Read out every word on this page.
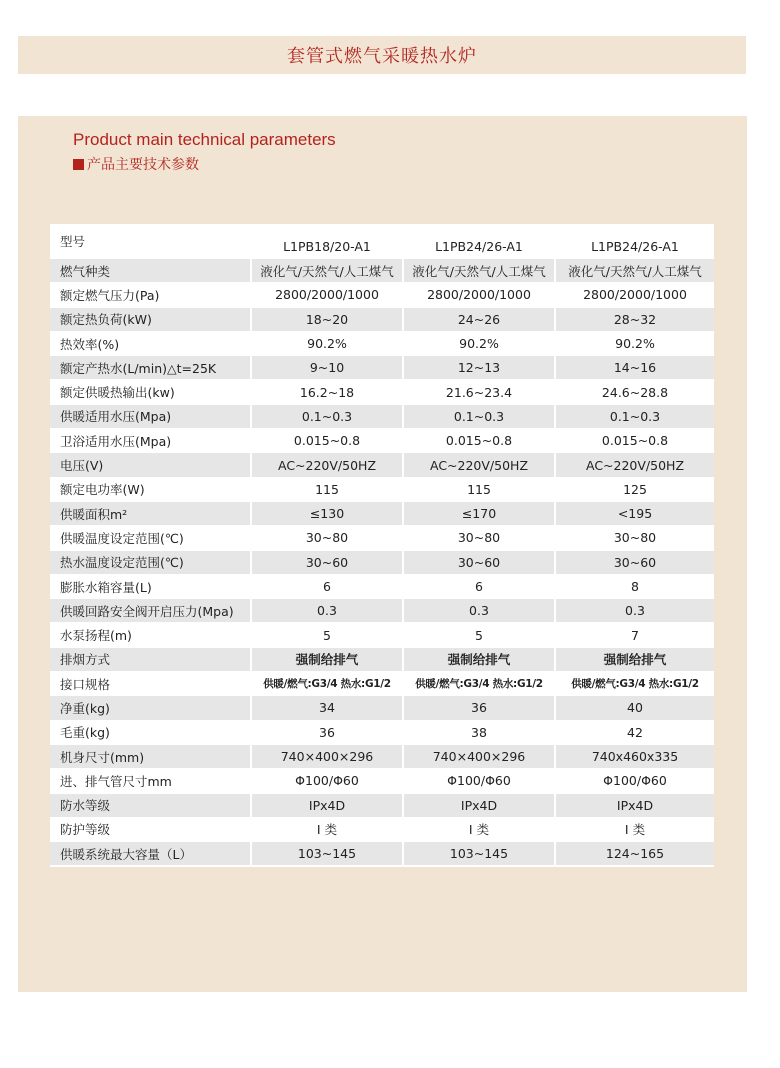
套管式燃气采暖热水炉
Product main technical parameters
产品主要技术参数
型号	L1PB18/20-A1	L1PB24/26-A1	L1PB24/26-A1
燃气种类	液化气/天然气/人工煤气	液化气/天然气/人工煤气	液化气/天然气/人工煤气
额定燃气压力(Pa)	2800/2000/1000	2800/2000/1000	2800/2000/1000
额定热负荷(kW)	18~20	24~26	28~32
热效率(%)	90.2%	90.2%	90.2%
额定产热水(L/min)△t=25K	9~10	12~13	14~16
额定供暖热输出(kw)	16.2~18	21.6~23.4	24.6~28.8
供暖适用水压(Mpa)	0.1~0.3	0.1~0.3	0.1~0.3
卫浴适用水压(Mpa)	0.015~0.8	0.015~0.8	0.015~0.8
电压(V)	AC~220V/50HZ	AC~220V/50HZ	AC~220V/50HZ
额定电功率(W)	115	115	125
供暖面积m²	≤130	≤170	<195
供暖温度设定范围(℃)	30~80	30~80	30~80
热水温度设定范围(℃)	30~60	30~60	30~60
膨胀水箱容量(L)	6	6	8
供暖回路安全阀开启压力(Mpa)	0.3	0.3	0.3
水泵扬程(m)	5	5	7
排烟方式	强制给排气	强制给排气	强制给排气
接口规格	供暖/燃气:G3/4 热水:G1/2	供暖/燃气:G3/4 热水:G1/2	供暖/燃气:G3/4 热水:G1/2
净重(kg)	34	36	40
毛重(kg)	36	38	42
机身尺寸(mm)	740×400×296	740×400×296	740x460x335
进、排气管尺寸mm	Φ100/Φ60	Φ100/Φ60	Φ100/Φ60
防水等级	IPx4D	IPx4D	IPx4D
防护等级	I 类	I 类	I 类
供暖系统最大容量（L）	103~145	103~145	124~165
